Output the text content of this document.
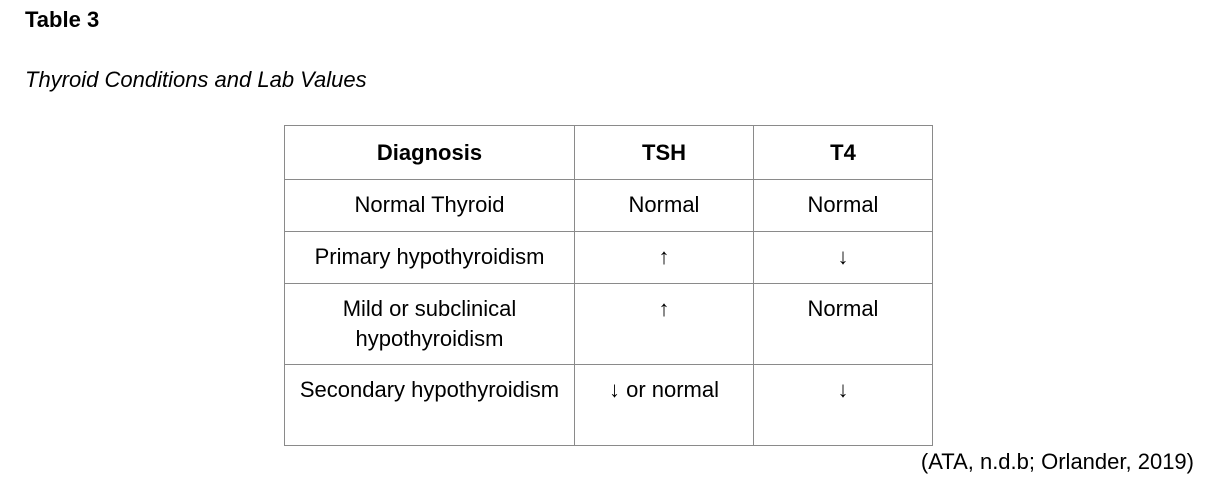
Table 3

Thyroid Conditions and Lab Values

Diagnosis	TSH	T4
Normal Thyroid	Normal	Normal
Primary hypothyroidism	↑	↓
Mild or subclinical hypothyroidism	↑	Normal
Secondary hypothyroidism	↓ or normal	↓

(ATA, n.d.b; Orlander, 2019)
